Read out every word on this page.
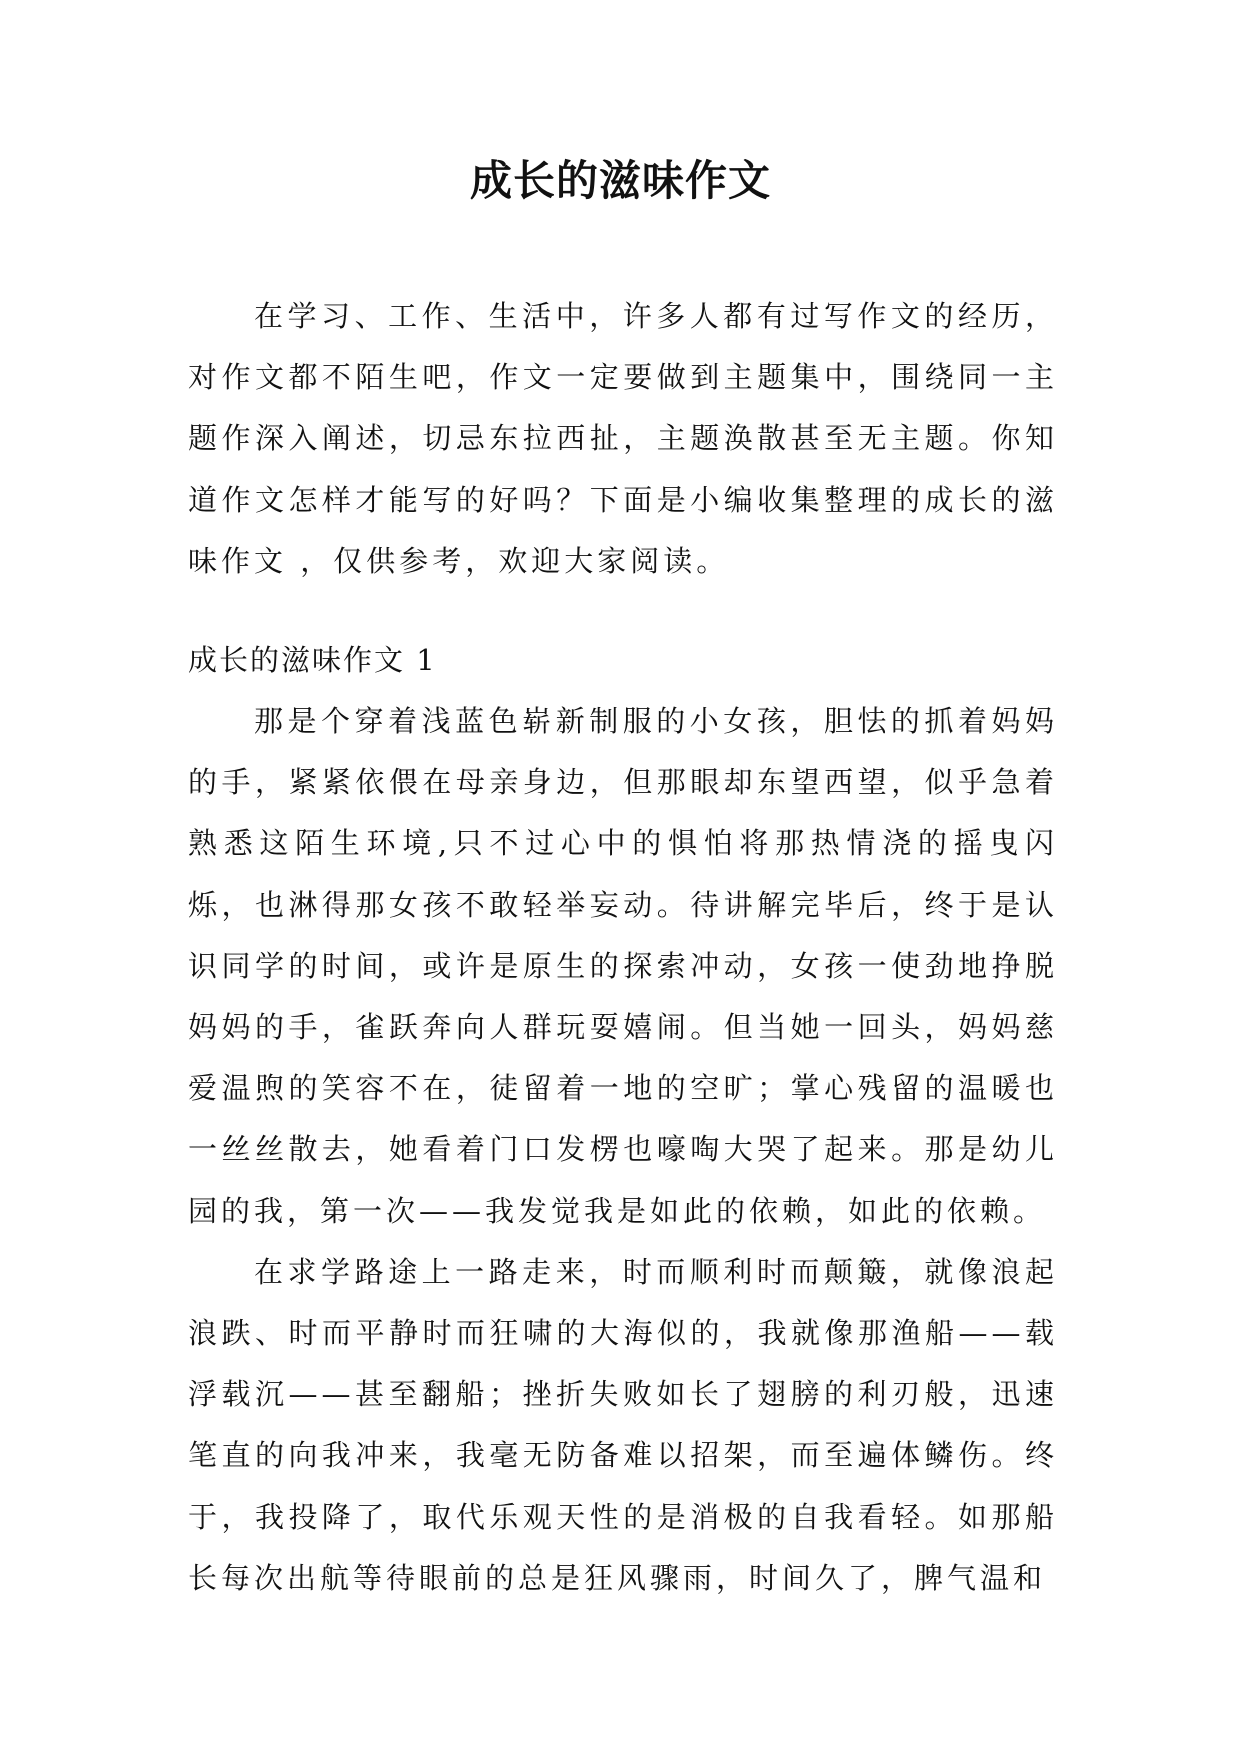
成长的滋味作文

在学习、工作、生活中，许多人都有过写作文的经历，对作文都不陌生吧，作文一定要做到主题集中，围绕同一主题作深入阐述，切忌东拉西扯，主题涣散甚至无主题。你知道作文怎样才能写的好吗？下面是小编收集整理的成长的滋味作文 ，仅供参考，欢迎大家阅读。

成长的滋味作文 1

那是个穿着浅蓝色崭新制服的小女孩，胆怯的抓着妈妈的手，紧紧依偎在母亲身边，但那眼却东望西望，似乎急着熟悉这陌生环境,只不过心中的惧怕将那热情浇的摇曳闪烁，也淋得那女孩不敢轻举妄动。待讲解完毕后，终于是认识同学的时间，或许是原生的探索冲动，女孩一使劲地挣脱妈妈的手，雀跃奔向人群玩耍嬉闹。但当她一回头，妈妈慈爱温煦的笑容不在，徒留着一地的空旷；掌心残留的温暖也一丝丝散去，她看着门口发楞也嚎啕大哭了起来。那是幼儿园的我，第一次——我发觉我是如此的依赖，如此的依赖。

在求学路途上一路走来，时而顺利时而颠簸，就像浪起浪跌、时而平静时而狂啸的大海似的，我就像那渔船——载浮载沉——甚至翻船；挫折失败如长了翅膀的利刃般，迅速笔直的向我冲来，我毫无防备难以招架，而至遍体鳞伤。终于，我投降了，取代乐观天性的是消极的自我看轻。如那船长每次出航等待眼前的总是狂风骤雨，时间久了，脾气温和
